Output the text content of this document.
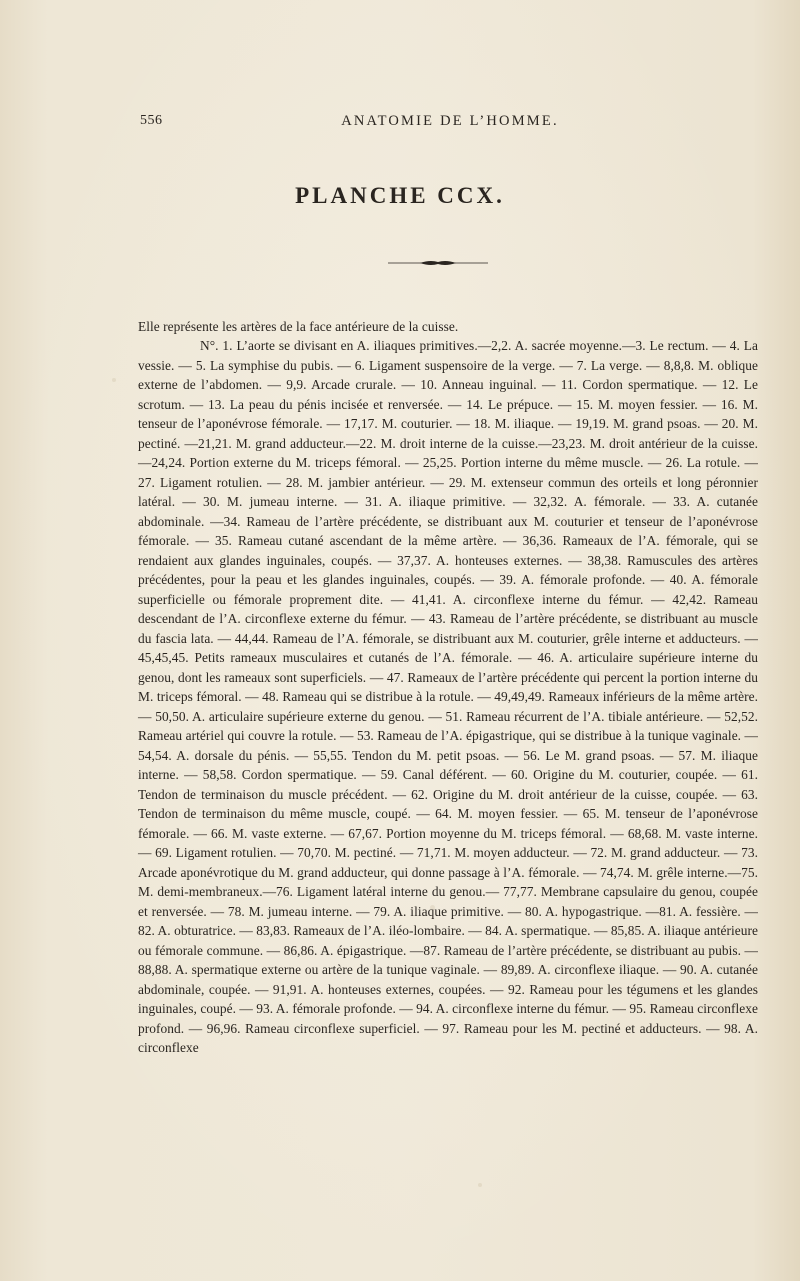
556	ANATOMIE DE L’HOMME.
PLANCHE CCX.

Elle représente les artères de la face antérieure de la cuisse.

N°. 1. L’aorte se divisant en A. iliaques primitives.—2,2. A. sacrée moyenne.—3. Le rectum. — 4. La vessie. — 5. La symphise du pubis. — 6. Ligament suspensoire de la verge. — 7. La verge. — 8,8,8. M. oblique externe de l’abdomen. — 9,9. Arcade crurale. — 10. Anneau inguinal. — 11. Cordon spermatique. — 12. Le scrotum. — 13. La peau du pénis incisée et renversée. — 14. Le prépuce. — 15. M. moyen fessier. — 16. M. tenseur de l’aponévrose fémorale. — 17,17. M. couturier. — 18. M. iliaque. — 19,19. M. grand psoas. — 20. M. pectiné. —21,21. M. grand adducteur.—22. M. droit interne de la cuisse.—23,23. M. droit antérieur de la cuisse. —24,24. Portion externe du M. triceps fémoral. — 25,25. Portion interne du même muscle. — 26. La rotule. — 27. Ligament rotulien. — 28. M. jambier antérieur. — 29. M. extenseur commun des orteils et long péronnier latéral. — 30. M. jumeau interne. — 31. A. iliaque primitive. — 32,32. A. fémorale. — 33. A. cutanée abdominale. —34. Rameau de l’artère précédente, se distribuant aux M. couturier et tenseur de l’aponévrose fémorale. — 35. Rameau cutané ascendant de la même artère. — 36,36. Rameaux de l’A. fémorale, qui se rendaient aux glandes inguinales, coupés. — 37,37. A. honteuses externes. — 38,38. Ramuscules des artères précédentes, pour la peau et les glandes inguinales, coupés. — 39. A. fémorale profonde. — 40. A. fémorale superficielle ou fémorale proprement dite. — 41,41. A. circonflexe interne du fémur. — 42,42. Rameau descendant de l’A. circonflexe externe du fémur. — 43. Rameau de l’artère précédente, se distribuant au muscle du fascia lata. — 44,44. Rameau de l’A. fémorale, se distribuant aux M. couturier, grêle interne et adducteurs. — 45,45,45. Petits rameaux musculaires et cutanés de l’A. fémorale. — 46. A. articulaire supérieure interne du genou, dont les rameaux sont superficiels. — 47. Rameaux de l’artère précédente qui percent la portion interne du M. triceps fémoral. — 48. Rameau qui se distribue à la rotule. — 49,49,49. Rameaux inférieurs de la même artère. — 50,50. A. articulaire supérieure externe du genou. — 51. Rameau récurrent de l’A. tibiale antérieure. — 52,52. Rameau artériel qui couvre la rotule. — 53. Rameau de l’A. épigastrique, qui se distribue à la tunique vaginale. — 54,54. A. dorsale du pénis. — 55,55. Tendon du M. petit psoas. — 56. Le M. grand psoas. — 57. M. iliaque interne. — 58,58. Cordon spermatique. — 59. Canal déférent. — 60. Origine du M. couturier, coupée. — 61. Tendon de terminaison du muscle précédent. — 62. Origine du M. droit antérieur de la cuisse, coupée. — 63. Tendon de terminaison du même muscle, coupé. — 64. M. moyen fessier. — 65. M. tenseur de l’aponévrose fémorale. — 66. M. vaste externe. — 67,67. Portion moyenne du M. triceps fémoral. — 68,68. M. vaste interne. — 69. Ligament rotulien. — 70,70. M. pectiné. — 71,71. M. moyen adducteur. — 72. M. grand adducteur. — 73. Arcade aponévrotique du M. grand adducteur, qui donne passage à l’A. fémorale. — 74,74. M. grêle interne.—75. M. demi-membraneux.—76. Ligament latéral interne du genou.— 77,77. Membrane capsulaire du genou, coupée et renversée. — 78. M. jumeau interne. — 79. A. iliaque primitive. — 80. A. hypogastrique. —81. A. fessière. — 82. A. obturatrice. — 83,83. Rameaux de l’A. iléo-lombaire. — 84. A. spermatique. — 85,85. A. iliaque antérieure ou fémorale commune. — 86,86. A. épigastrique. —87. Rameau de l’artère précédente, se distribuant au pubis. — 88,88. A. spermatique externe ou artère de la tunique vaginale. — 89,89. A. circonflexe iliaque. — 90. A. cutanée abdominale, coupée. — 91,91. A. honteuses externes, coupées. — 92. Rameau pour les tégumens et les glandes inguinales, coupé. — 93. A. fémorale profonde. — 94. A. circonflexe interne du fémur. — 95. Rameau circonflexe profond. — 96,96. Rameau circonflexe superficiel. — 97. Rameau pour les M. pectiné et adducteurs. — 98. A. circonflexe
